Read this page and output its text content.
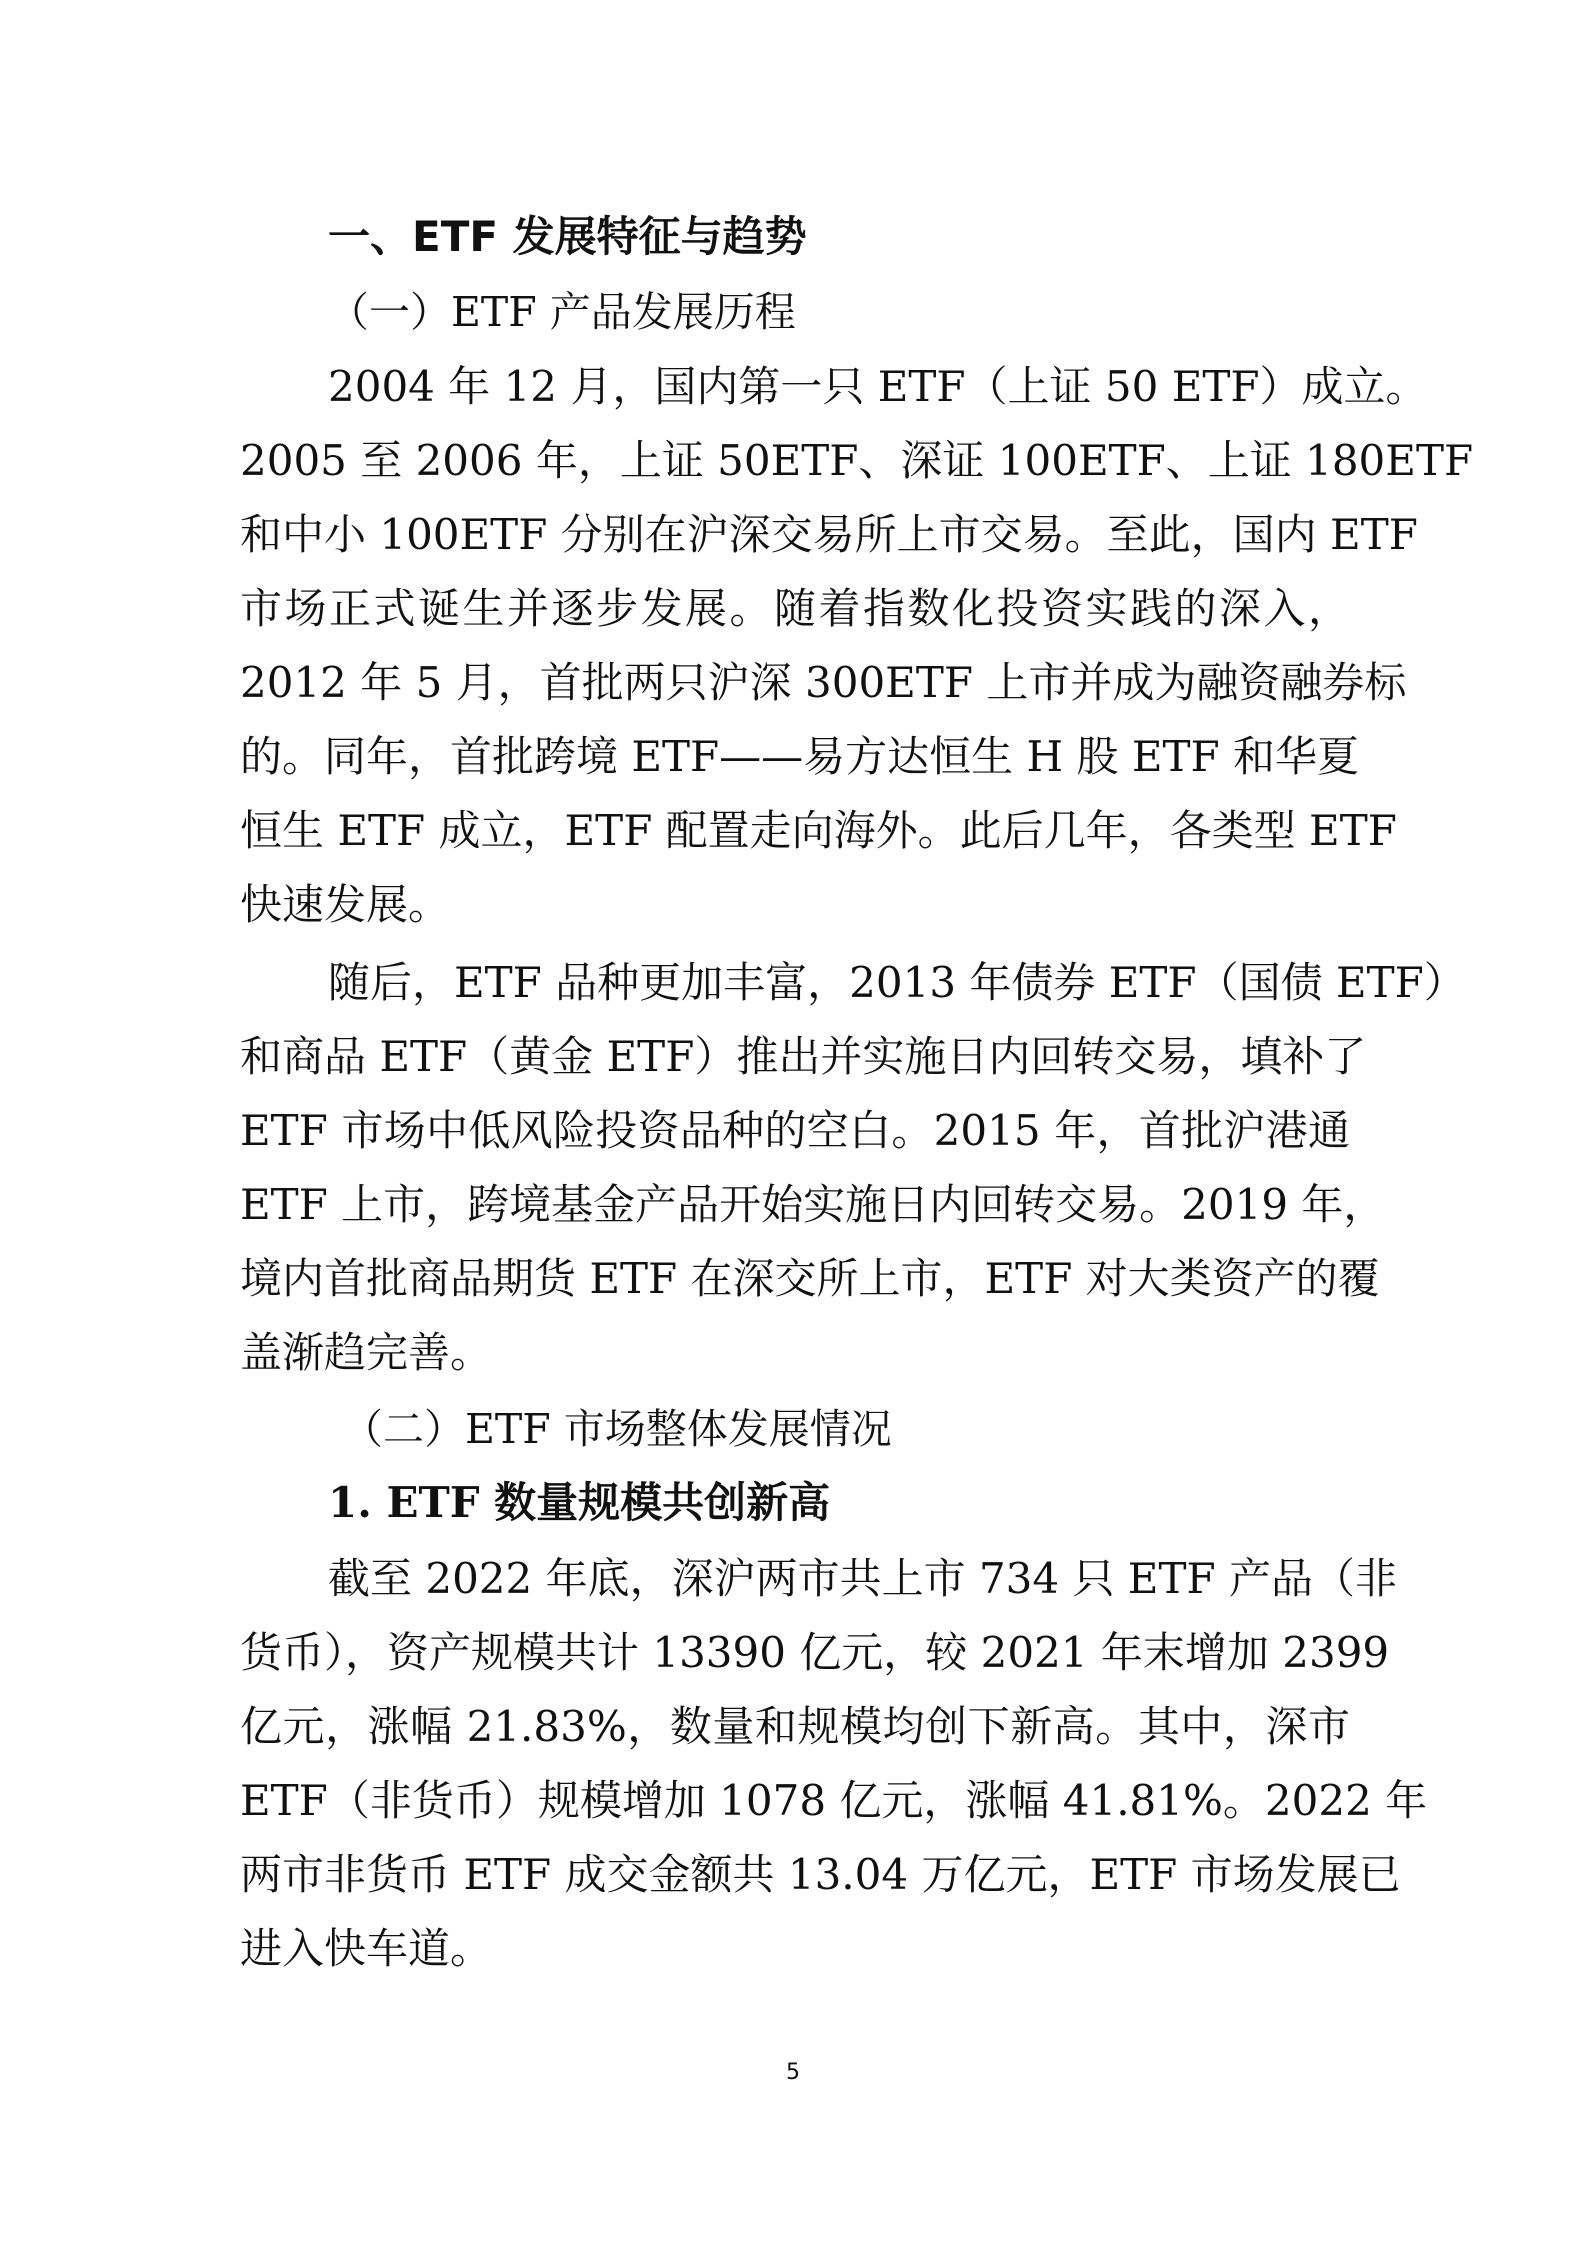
一、ETF 发展特征与趋势
（一）ETF 产品发展历程
2004 年 12 月，国内第一只 ETF（上证 50 ETF）成立。
2005 至 2006 年，上证 50ETF、深证 100ETF、上证 180ETF
和中小 100ETF 分别在沪深交易所上市交易。至此，国内 ETF
市场正式诞生并逐步发展。随着指数化投资实践的深入，
2012 年 5 月，首批两只沪深 300ETF 上市并成为融资融券标
的。同年，首批跨境 ETF——易方达恒生 H 股 ETF 和华夏
恒生 ETF 成立，ETF 配置走向海外。此后几年，各类型 ETF
快速发展。
随后，ETF 品种更加丰富，2013 年债券 ETF（国债 ETF）
和商品 ETF（黄金 ETF）推出并实施日内回转交易，填补了
ETF 市场中低风险投资品种的空白。2015 年，首批沪港通
ETF 上市，跨境基金产品开始实施日内回转交易。2019 年，
境内首批商品期货 ETF 在深交所上市，ETF 对大类资产的覆
盖渐趋完善。
（二）ETF 市场整体发展情况
1. ETF 数量规模共创新高
截至 2022 年底，深沪两市共上市 734 只 ETF 产品（非
货币），资产规模共计 13390 亿元，较 2021 年末增加 2399
亿元，涨幅 21.83%，数量和规模均创下新高。其中，深市
ETF（非货币）规模增加 1078 亿元，涨幅 41.81%。2022 年
两市非货币 ETF 成交金额共 13.04 万亿元，ETF 市场发展已
进入快车道。
5
